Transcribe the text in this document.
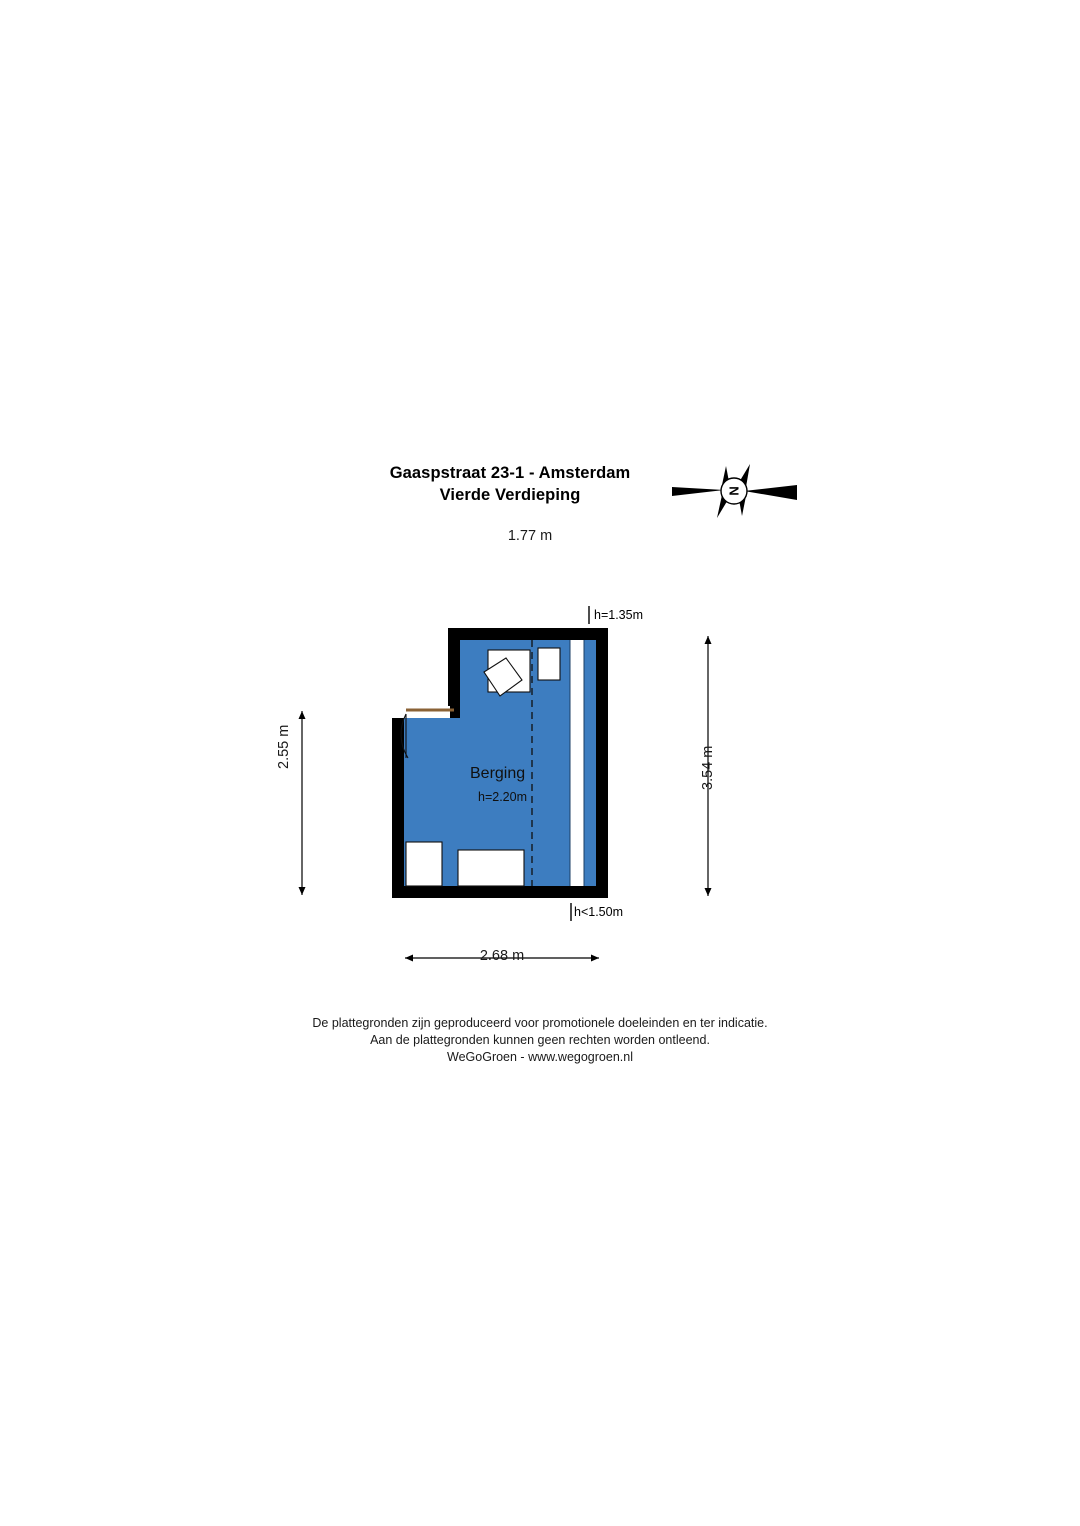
Gaaspstraat 23-1 - Amsterdam
Vierde Verdieping	N
1.77 m
2.55 m	3.54 m
2.68 m
h=1.35m
h<1.50m
Berging
h=2.20m
De plattegronden zijn geproduceerd voor promotionele doeleinden en ter indicatie.
Aan de plattegronden kunnen geen rechten worden ontleend.
WeGoGroen - www.wegogroen.nl
